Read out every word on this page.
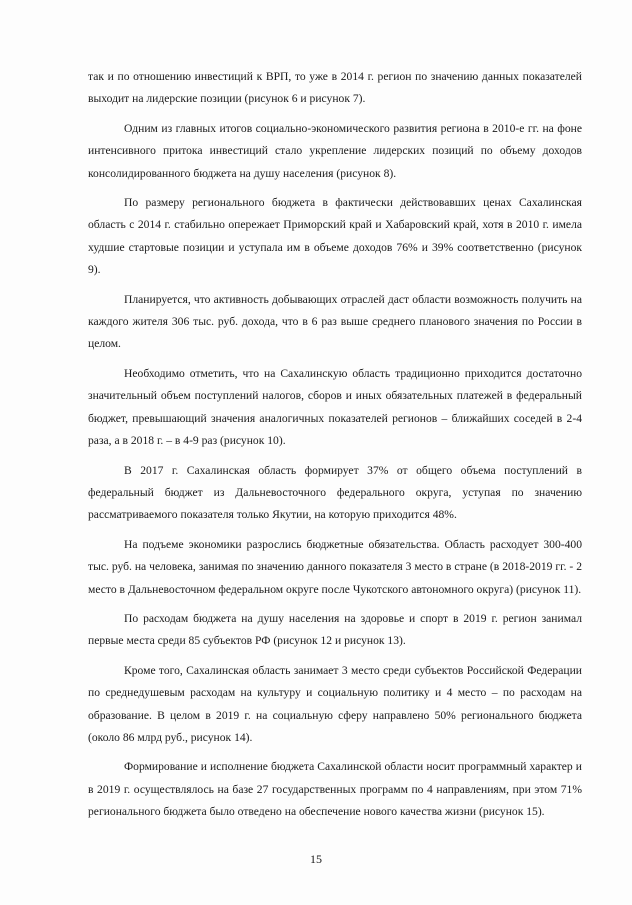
так и по отношению инвестиций к ВРП, то уже в 2014 г. регион по значению данных показателей выходит на лидерские позиции (рисунок 6 и рисунок 7).

Одним из главных итогов социально-экономического развития региона в 2010-е гг. на фоне интенсивного притока инвестиций стало укрепление лидерских позиций по объему доходов консолидированного бюджета на душу населения (рисунок 8).

По размеру регионального бюджета в фактически действовавших ценах Сахалинская область с 2014 г. стабильно опережает Приморский край и Хабаровский край, хотя в 2010 г. имела худшие стартовые позиции и уступала им в объеме доходов 76% и 39% соответственно (рисунок 9).

Планируется, что активность добывающих отраслей даст области возможность получить на каждого жителя 306 тыс. руб. дохода, что в 6 раз выше среднего планового значения по России в целом.

Необходимо отметить, что на Сахалинскую область традиционно приходится достаточно значительный объем поступлений налогов, сборов и иных обязательных платежей в федеральный бюджет, превышающий значения аналогичных показателей регионов – ближайших соседей в 2-4 раза, а в 2018 г. – в 4-9 раз (рисунок 10).

В 2017 г. Сахалинская область формирует 37% от общего объема поступлений в федеральный бюджет из Дальневосточного федерального округа, уступая по значению рассматриваемого показателя только Якутии, на которую приходится 48%.

На подъеме экономики разрослись бюджетные обязательства. Область расходует 300-400 тыс. руб. на человека, занимая по значению данного показателя 3 место в стране (в 2018-2019 гг. - 2 место в Дальневосточном федеральном округе после Чукотского автономного округа) (рисунок 11).

По расходам бюджета на душу населения на здоровье и спорт в 2019 г. регион занимал первые места среди 85 субъектов РФ (рисунок 12 и рисунок 13).

Кроме того, Сахалинская область занимает 3 место среди субъектов Российской Федерации по среднедушевым расходам на культуру и социальную политику и 4 место – по расходам на образование. В целом в 2019 г. на социальную сферу направлено 50% регионального бюджета (около 86 млрд руб., рисунок 14).

Формирование и исполнение бюджета Сахалинской области носит программный характер и в 2019 г. осуществлялось на базе 27 государственных программ по 4 направлениям, при этом 71% регионального бюджета было отведено на обеспечение нового качества жизни (рисунок 15).

15
